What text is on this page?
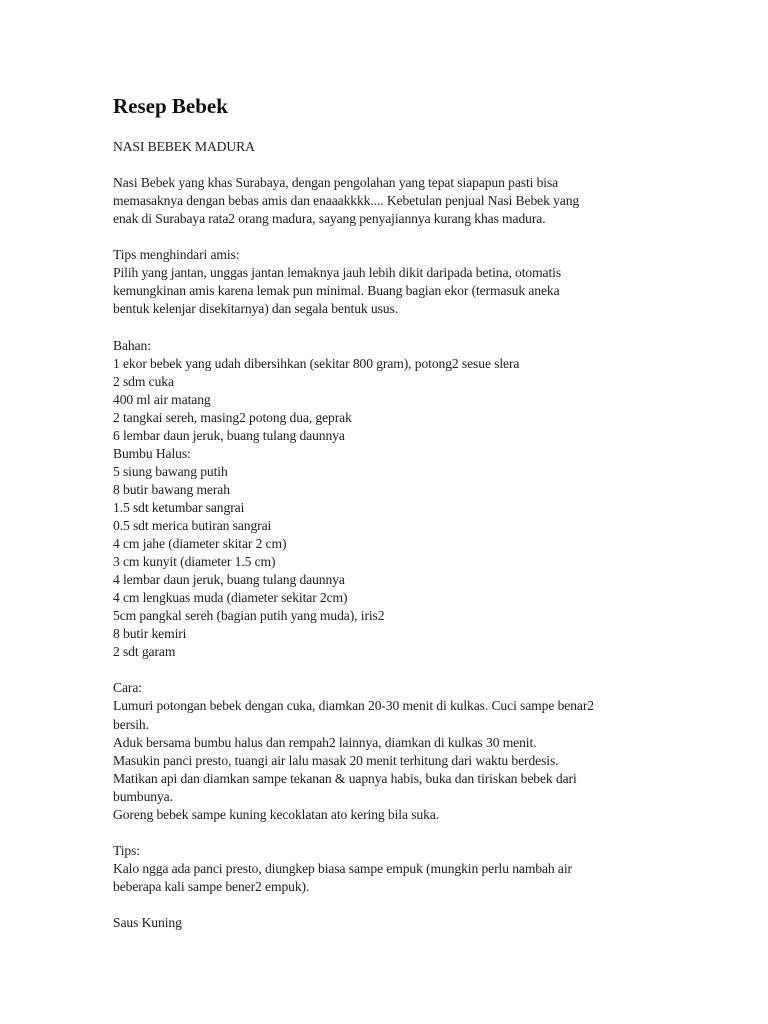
Resep Bebek
NASI BEBEK MADURA
Nasi Bebek yang khas Surabaya, dengan pengolahan yang tepat siapapun pasti bisa
memasaknya dengan bebas amis dan enaaakkkk.... Kebetulan penjual Nasi Bebek yang
enak di Surabaya rata2 orang madura, sayang penyajiannya kurang khas madura.
Tips menghindari amis:
Pilih yang jantan, unggas jantan lemaknya jauh lebih dikit daripada betina, otomatis
kemungkinan amis karena lemak pun minimal. Buang bagian ekor (termasuk aneka
bentuk kelenjar disekitarnya) dan segala bentuk usus.
Bahan:
1 ekor bebek yang udah dibersihkan (sekitar 800 gram), potong2 sesue slera
2 sdm cuka
400 ml air matang
2 tangkai sereh, masing2 potong dua, geprak
6 lembar daun jeruk, buang tulang daunnya
Bumbu Halus:
5 siung bawang putih
8 butir bawang merah
1.5 sdt ketumbar sangrai
0.5 sdt merica butiran sangrai
4 cm jahe (diameter skitar 2 cm)
3 cm kunyit (diameter 1.5 cm)
4 lembar daun jeruk, buang tulang daunnya
4 cm lengkuas muda (diameter sekitar 2cm)
5cm pangkal sereh (bagian putih yang muda), iris2
8 butir kemiri
2 sdt garam
Cara:
Lumuri potongan bebek dengan cuka, diamkan 20-30 menit di kulkas. Cuci sampe benar2
bersih.
Aduk bersama bumbu halus dan rempah2 lainnya, diamkan di kulkas 30 menit.
Masukin panci presto, tuangi air lalu masak 20 menit terhitung dari waktu berdesis.
Matikan api dan diamkan sampe tekanan & uapnya habis, buka dan tiriskan bebek dari
bumbunya.
Goreng bebek sampe kuning kecoklatan ato kering bila suka.
Tips:
Kalo ngga ada panci presto, diungkep biasa sampe empuk (mungkin perlu nambah air
beberapa kali sampe bener2 empuk).
Saus Kuning
